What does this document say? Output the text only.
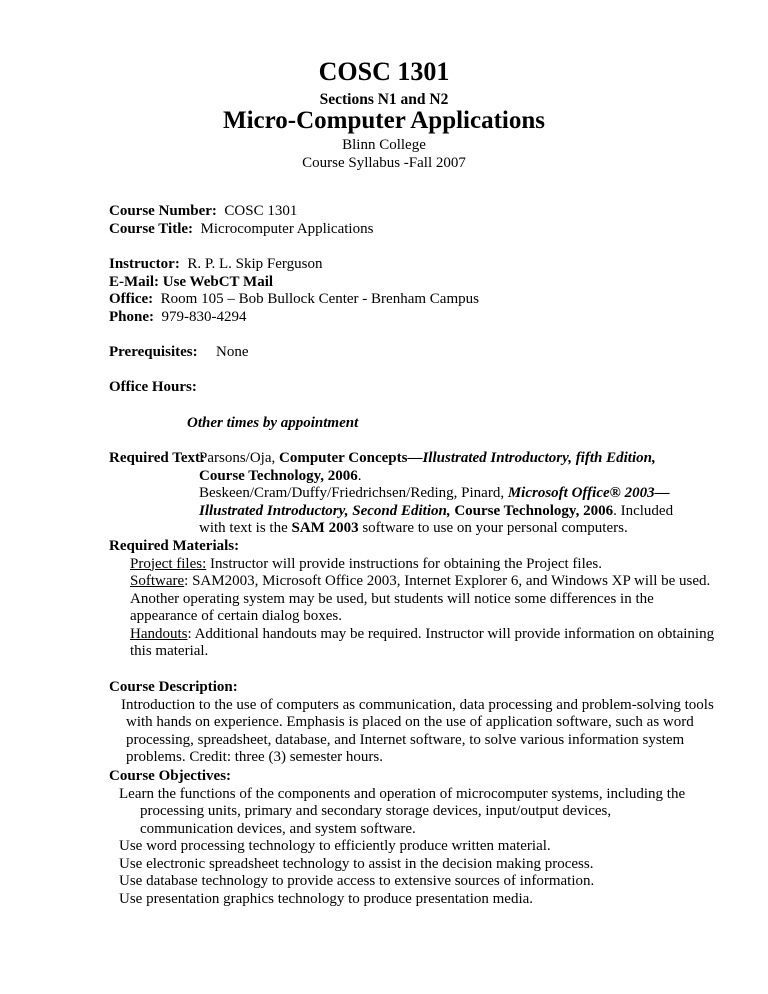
COSC 1301
Sections N1 and N2
Micro-Computer Applications
Blinn College
Course Syllabus -Fall 2007
Course Number: COSC 1301
Course Title: Microcomputer Applications
Instructor: R. P. L. Skip Ferguson
E-Mail: Use WebCT Mail
Office: Room 105 – Bob Bullock Center - Brenham Campus
Phone: 979-830-4294
Prerequisites:	None
Office Hours:
Other times by appointment
Required Text:
Parsons/Oja, Computer Concepts—Illustrated Introductory, fifth Edition,
Course Technology, 2006.
Beskeen/Cram/Duffy/Friedrichsen/Reding, Pinard, Microsoft Office® 2003—
Illustrated Introductory, Second Edition, Course Technology, 2006. Included
with text is the SAM 2003 software to use on your personal computers.
Required Materials:
Project files: Instructor will provide instructions for obtaining the Project files.
Software: SAM2003, Microsoft Office 2003, Internet Explorer 6, and Windows XP will be used.
Another operating system may be used, but students will notice some differences in the
appearance of certain dialog boxes.
Handouts: Additional handouts may be required. Instructor will provide information on obtaining
this material.
Course Description:
Introduction to the use of computers as communication, data processing and problem-solving tools
with hands on experience. Emphasis is placed on the use of application software, such as word
processing, spreadsheet, database, and Internet software, to solve various information system
problems. Credit: three (3) semester hours.
Course Objectives:
Learn the functions of the components and operation of microcomputer systems, including the processing units, primary and secondary storage devices, input/output devices, communication devices, and system software.
Use word processing technology to efficiently produce written material.
Use electronic spreadsheet technology to assist in the decision making process.
Use database technology to provide access to extensive sources of information.
Use presentation graphics technology to produce presentation media.
